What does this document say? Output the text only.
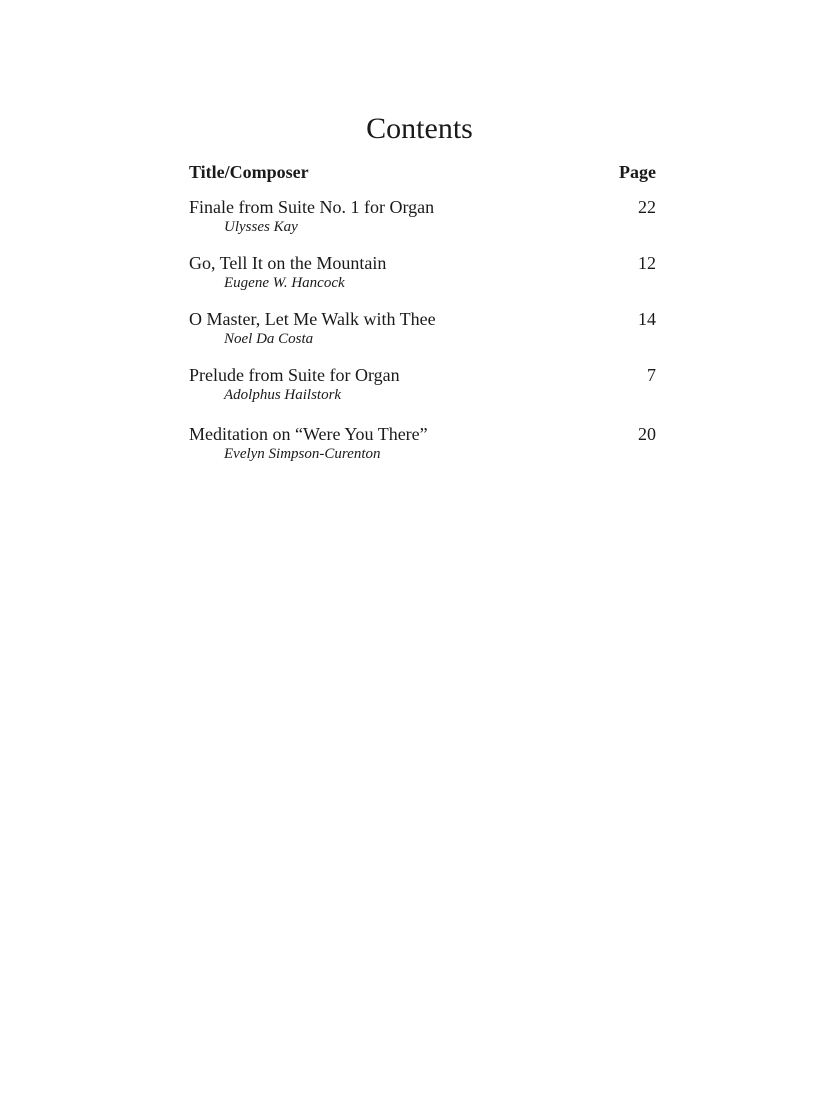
Contents
Title/Composer	Page
Finale from Suite No. 1 for Organ	22
Ulysses Kay
Go, Tell It on the Mountain	12
Eugene W. Hancock
O Master, Let Me Walk with Thee	14
Noel Da Costa
Prelude from Suite for Organ	7
Adolphus Hailstork
Meditation on “Were You There”	20
Evelyn Simpson-Curenton
